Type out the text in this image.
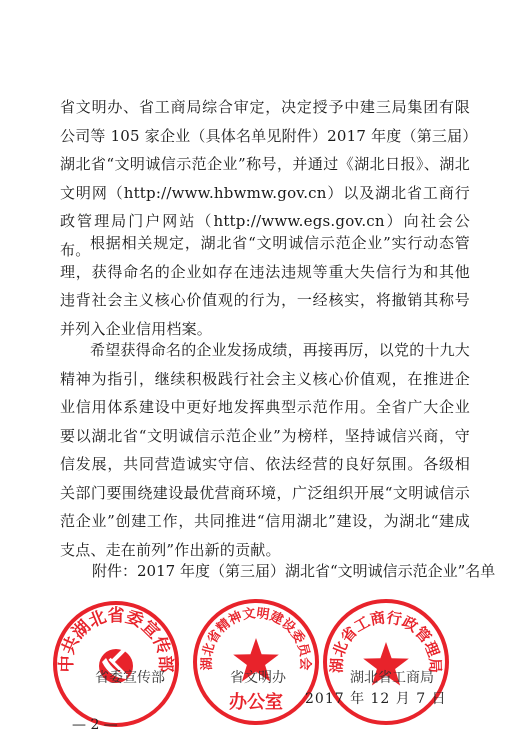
省文明办、省工商局综合审定，决定授予中建三局集团有限公司等 105 家企业（具体名单见附件）2017 年度（第三届）湖北省“文明诚信示范企业”称号，并通过《湖北日报》、湖北文明网（http://www.hbwmw.gov.cn）以及湖北省工商行政管理局门户网站（http://www.egs.gov.cn）向社会公布。 根据相关规定，湖北省“文明诚信示范企业”实行动态管理，获得命名的企业如存在违法违规等重大失信行为和其他违背社会主义核心价值观的行为，一经核实，将撤销其称号并列入企业信用档案。

希望获得命名的企业发扬成绩，再接再厉，以党的十九大精神为指引，继续积极践行社会主义核心价值观，在推进企业信用体系建设中更好地发挥典型示范作用。全省广大企业要以湖北省“文明诚信示范企业”为榜样，坚持诚信兴商，守信发展，共同营造诚实守信、依法经营的良好氛围。各级相关部门要围绕建设最优营商环境，广泛组织开展“文明诚信示范企业”创建工作，共同推进“信用湖北”建设，为湖北“建成支点、走在前列”作出新的贡献。

附件：2017 年度（第三届）湖北省“文明诚信示范企业”名单
中共湖北省委宣传部 湖北省精神文明建设委员会
办公室
湖北省工商行政管理局
省委宣传部	省文明办	湖北省工商局
2017 年 12 月 7 日
— 2 —
